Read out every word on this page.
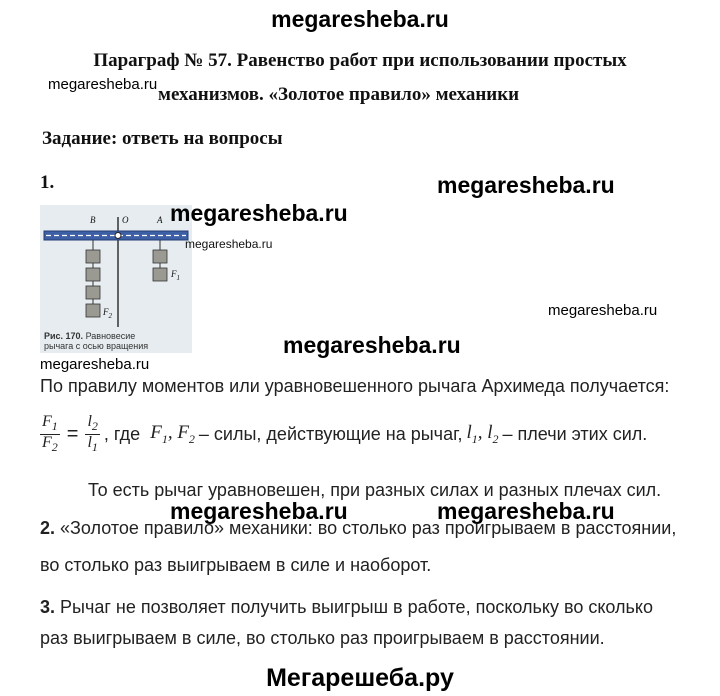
megaresheba.ru
Параграф № 57. Равенство работ при использовании простых
megaresheba.ru механизмов. «Золотое правило» механики
Задание: ответь на вопросы
1.	megaresheba.ru
B	O	A
$F_1$
$F_2$
Рис. 170. Равновесие
рычага с осью вращения
megaresheba.ru
megaresheba.ru
megaresheba.ru
megaresheba.ru
megaresheba.ru
По правилу моментов или уравновешенного рычага Архимеда получается:
$\frac{F_1}{F_2} = \frac{l_2}{l_1}$ , где $F_1$, $F_2$ – силы, действующие на рычаг, $l_1$, $l_2$ – плечи этих сил.
То есть рычаг уравновешен, при разных силах и разных плечах сил.
megaresheba.ru	megaresheba.ru
2. «Золотое правило» механики: во столько раз проигрываем в расстоянии,
во столько раз выигрываем в силе и наоборот.
3. Рычаг не позволяет получить выигрыш в работе, поскольку во сколько
раз выигрываем в силе, во столько раз проигрываем в расстоянии.
Мегарешеба.ру
